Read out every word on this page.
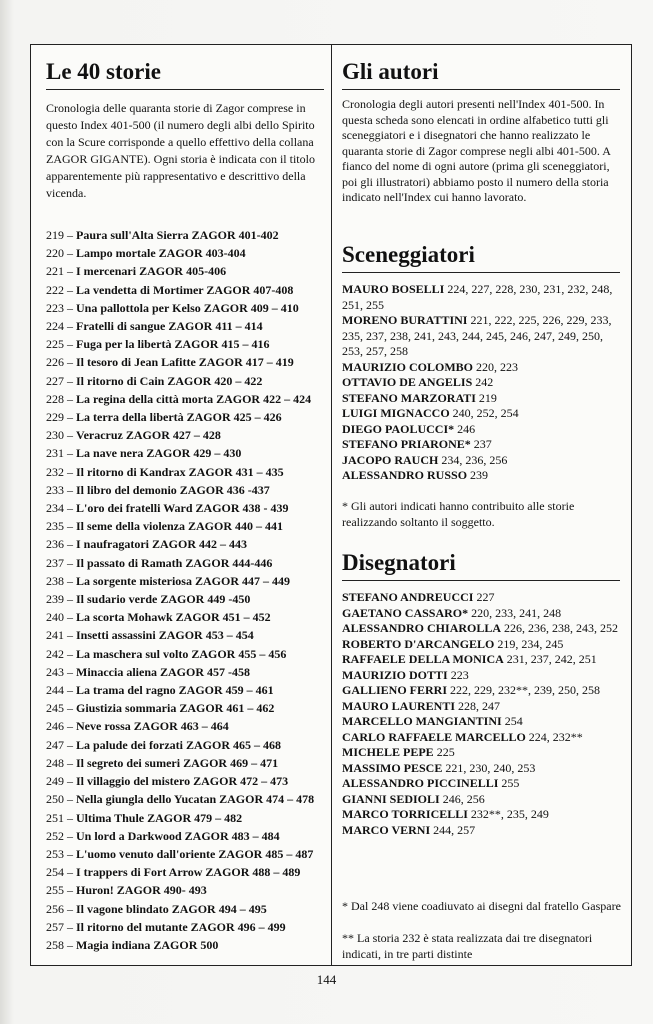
Le 40 storie

Cronologia delle quaranta storie di Zagor comprese in questo Index 401-500 (il numero degli albi dello Spirito con la Scure corrisponde a quello effettivo della collana ZAGOR GIGANTE). Ogni storia è indicata con il titolo apparentemente più rappresentativo e descrittivo della vicenda.

219 – Paura sull'Alta Sierra ZAGOR 401-402
220 – Lampo mortale ZAGOR 403-404
221 – I mercenari ZAGOR 405-406
222 – La vendetta di Mortimer ZAGOR 407-408
223 – Una pallottola per Kelso ZAGOR 409 – 410
224 – Fratelli di sangue ZAGOR 411 – 414
225 – Fuga per la libertà ZAGOR 415 – 416
226 – Il tesoro di Jean Lafitte ZAGOR 417 – 419
227 – Il ritorno di Cain ZAGOR 420 – 422
228 – La regina della città morta ZAGOR 422 – 424
229 – La terra della libertà ZAGOR 425 – 426
230 – Veracruz ZAGOR 427 – 428
231 – La nave nera ZAGOR 429 – 430
232 – Il ritorno di Kandrax ZAGOR 431 – 435
233 – Il libro del demonio ZAGOR 436 -437
234 – L'oro dei fratelli Ward ZAGOR 438 - 439
235 – Il seme della violenza ZAGOR 440 – 441
236 – I naufragatori ZAGOR 442 – 443
237 – Il passato di Ramath ZAGOR 444-446
238 – La sorgente misteriosa ZAGOR 447 – 449
239 – Il sudario verde ZAGOR 449 -450
240 – La scorta Mohawk ZAGOR 451 – 452
241 – Insetti assassini ZAGOR 453 – 454
242 – La maschera sul volto ZAGOR 455 – 456
243 – Minaccia aliena ZAGOR 457 -458
244 – La trama del ragno ZAGOR 459 – 461
245 – Giustizia sommaria ZAGOR 461 – 462
246 – Neve rossa ZAGOR 463 – 464
247 – La palude dei forzati ZAGOR 465 – 468
248 – Il segreto dei sumeri ZAGOR 469 – 471
249 – Il villaggio del mistero ZAGOR 472 – 473
250 – Nella giungla dello Yucatan ZAGOR 474 – 478
251 – Ultima Thule ZAGOR 479 – 482
252 – Un lord a Darkwood ZAGOR 483 – 484
253 – L'uomo venuto dall'oriente ZAGOR 485 – 487
254 – I trappers di Fort Arrow ZAGOR 488 – 489
255 – Huron! ZAGOR 490- 493
256 – Il vagone blindato ZAGOR 494 – 495
257 – Il ritorno del mutante ZAGOR 496 – 499
258 – Magia indiana ZAGOR 500
Gli autori

Cronologia degli autori presenti nell'Index 401-500. In questa scheda sono elencati in ordine alfabetico tutti gli sceneggiatori e i disegnatori che hanno realizzato le quaranta storie di Zagor comprese negli albi 401-500. A fianco del nome di ogni autore (prima gli sceneggiatori, poi gli illustratori) abbiamo posto il numero della storia indicato nell'Index cui hanno lavorato.

Sceneggiatori
MAURO BOSELLI 224, 227, 228, 230, 231, 232, 248, 251, 255
MORENO BURATTINI 221, 222, 225, 226, 229, 233, 235, 237, 238, 241, 243, 244, 245, 246, 247, 249, 250, 253, 257, 258
MAURIZIO COLOMBO 220, 223
OTTAVIO DE ANGELIS 242
STEFANO MARZORATI 219
LUIGI MIGNACCO 240, 252, 254
DIEGO PAOLUCCI* 246
STEFANO PRIARONE* 237
JACOPO RAUCH 234, 236, 256
ALESSANDRO RUSSO 239

* Gli autori indicati hanno contribuito alle storie realizzando soltanto il soggetto.

Disegnatori
STEFANO ANDREUCCI 227
GAETANO CASSARO* 220, 233, 241, 248
ALESSANDRO CHIAROLLA 226, 236, 238, 243, 252
ROBERTO D'ARCANGELO 219, 234, 245
RAFFAELE DELLA MONICA 231, 237, 242, 251
MAURIZIO DOTTI 223
GALLIENO FERRI 222, 229, 232**, 239, 250, 258
MAURO LAURENTI 228, 247
MARCELLO MANGIANTINI 254
CARLO RAFFAELE MARCELLO 224, 232**
MICHELE PEPE 225
MASSIMO PESCE 221, 230, 240, 253
ALESSANDRO PICCINELLI 255
GIANNI SEDIOLI 246, 256
MARCO TORRICELLI 232**, 235, 249
MARCO VERNI 244, 257

* Dal 248 viene coadiuvato ai disegni dal fratello Gaspare

** La storia 232 è stata realizzata dai tre disegnatori indicati, in tre parti distinte

144
